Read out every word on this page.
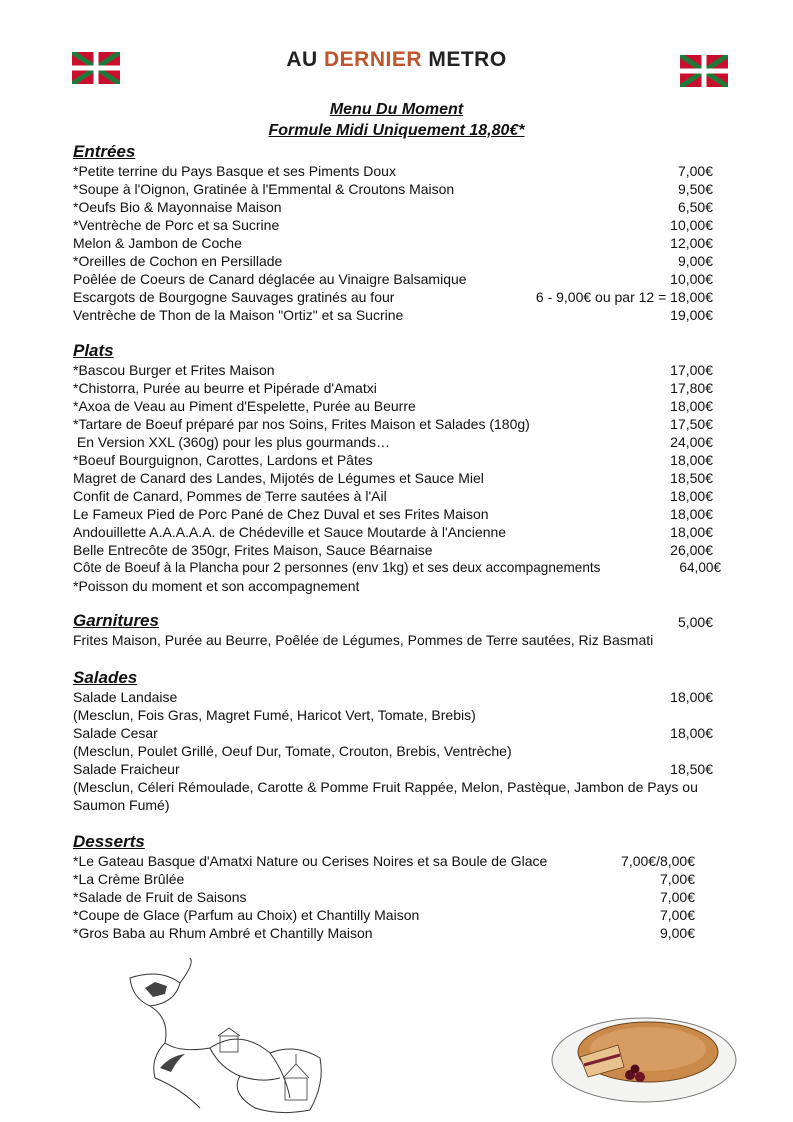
AU DERNIER METRO
Menu Du Moment
Formule Midi Uniquement 18,80€*
Entrées
*Petite terrine du Pays Basque et ses Piments Doux	7,00€
*Soupe à l'Oignon, Gratinée à l'Emmental & Croutons Maison	9,50€
*Oeufs Bio & Mayonnaise Maison	6,50€
*Ventrèche de Porc et sa Sucrine	10,00€
Melon & Jambon de Coche	12,00€
*Oreilles de Cochon en Persillade	9,00€
Poêlée de Coeurs de Canard déglacée au Vinaigre Balsamique	10,00€
Escargots de Bourgogne Sauvages gratinés au four	6 - 9,00€ ou par 12 = 18,00€
Ventrèche de Thon de la Maison "Ortiz" et sa Sucrine	19,00€
Plats
*Bascou Burger et Frites Maison	17,00€
*Chistorra, Purée au beurre et Pipérade d'Amatxi	17,80€
*Axoa de Veau au Piment d'Espelette, Purée au Beurre	18,00€
*Tartare de Boeuf préparé par nos Soins, Frites Maison et Salades (180g)	17,50€
En Version XXL (360g) pour les plus gourmands…	24,00€
*Boeuf Bourguignon, Carottes, Lardons et Pâtes	18,00€
Magret de Canard des Landes, Mijotés de Légumes et Sauce Miel	18,50€
Confit de Canard, Pommes de Terre sautées à l'Ail	18,00€
Le Fameux Pied de Porc Pané de Chez Duval et ses Frites Maison	18,00€
Andouillette A.A.A.A.A. de Chédeville et Sauce Moutarde à l'Ancienne	18,00€
Belle Entrecôte de 350gr, Frites Maison, Sauce Béarnaise	26,00€
Côte de Boeuf à la Plancha pour 2 personnes (env 1kg) et ses deux accompagnements	64,00€
*Poisson du moment et son accompagnement
Garnitures	5,00€
Frites Maison, Purée au Beurre, Poêlée de Légumes, Pommes de Terre sautées, Riz Basmati
Salades
Salade Landaise	18,00€
(Mesclun, Fois Gras, Magret Fumé, Haricot Vert, Tomate, Brebis)
Salade Cesar	18,00€
(Mesclun, Poulet Grillé, Oeuf Dur, Tomate, Crouton, Brebis, Ventrèche)
Salade Fraicheur	18,50€
(Mesclun, Céleri Rémoulade, Carotte & Pomme Fruit Rappée, Melon, Pastèque, Jambon de Pays ou Saumon Fumé)
Desserts
*Le Gateau Basque d'Amatxi Nature ou Cerises Noires et sa Boule de Glace	7,00€/8,00€
*La Crème Brûlée	7,00€
*Salade de Fruit de Saisons	7,00€
*Coupe de Glace (Parfum au Choix) et Chantilly Maison	7,00€
*Gros Baba au Rhum Ambré et Chantilly Maison	9,00€
